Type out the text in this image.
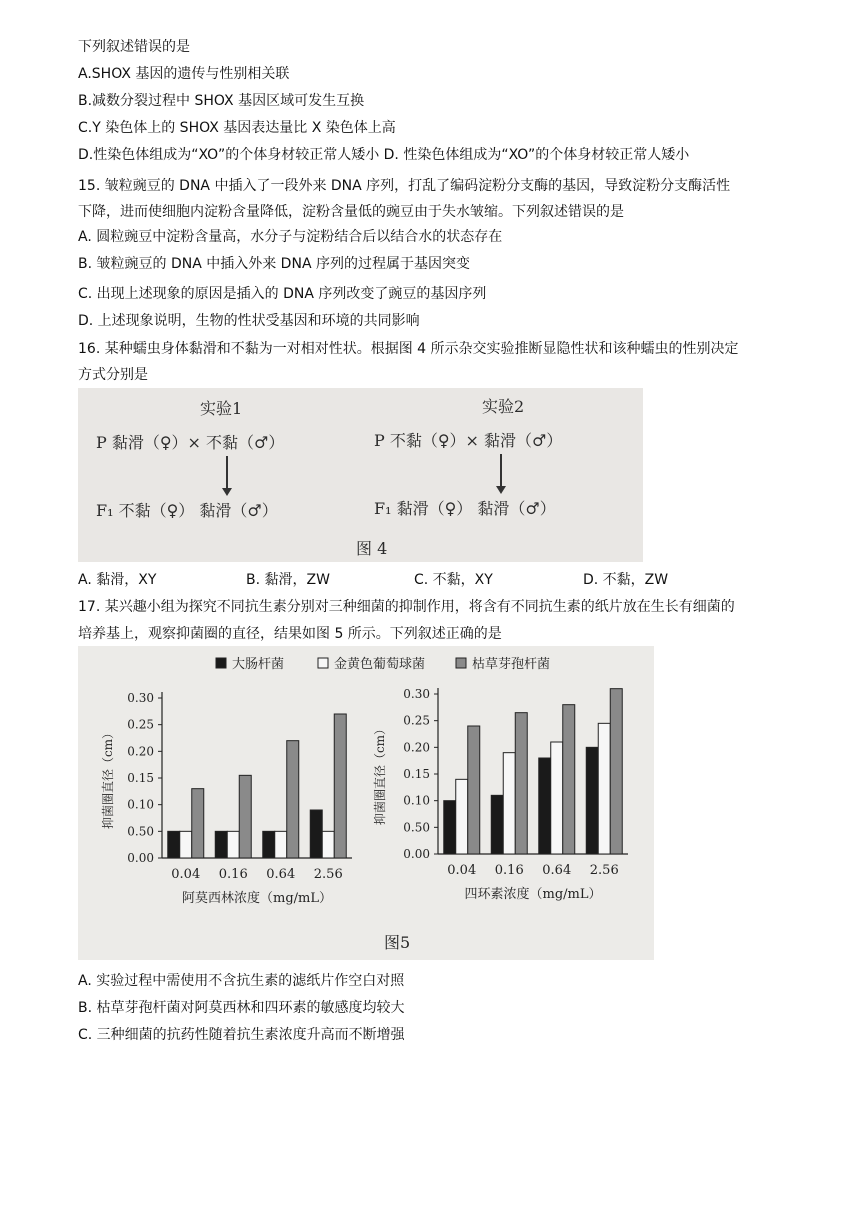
下列叙述错误的是
A.SHOX 基因的遗传与性别相关联
B.减数分裂过程中 SHOX 基因区域可发生互换
C.Y 染色体上的 SHOX 基因表达量比 X 染色体上高
D.性染色体组成为“XO”的个体身材较正常人矮小 D. 性染色体组成为“XO”的个体身材较正常人矮小
15. 皱粒豌豆的 DNA 中插入了一段外来 DNA 序列，打乱了编码淀粉分支酶的基因，导致淀粉分支酶活性
下降，进而使细胞内淀粉含量降低，淀粉含量低的豌豆由于失水皱缩。下列叙述错误的是
A. 圆粒豌豆中淀粉含量高，水分子与淀粉结合后以结合水的状态存在
B. 皱粒豌豆的 DNA 中插入外来 DNA 序列的过程属于基因突变
C. 出现上述现象的原因是插入的 DNA 序列改变了豌豆的基因序列
D. 上述现象说明，生物的性状受基因和环境的共同影响
16. 某种蠕虫身体黏滑和不黏为一对相对性状。根据图 4 所示杂交实验推断显隐性状和该种蠕虫的性别决定
方式分别是
实验1	实验2
P 黏滑（♀）× 不黏（♂）	P 不黏（♀）× 黏滑（♂）
F₁ 不黏（♀） 黏滑（♂）	F₁ 黏滑（♀） 黏滑（♂）
图 4
A. 黏滑，XY	B. 黏滑，ZW	C. 不黏，XY	D. 不黏，ZW
17. 某兴趣小组为探究不同抗生素分别对三种细菌的抑制作用，将含有不同抗生素的纸片放在生长有细菌的
培养基上，观察抑菌圈的直径，结果如图 5 所示。下列叙述正确的是
大肠杆菌	金黄色葡萄球菌	枯草芽孢杆菌
0.00
0.50
0.10
0.15
0.20
0.25
0.30
抑菌圈直径（cm）
0.04 0.16 0.64 2.56
阿莫西林浓度（mg/mL）
0.00
0.50
0.10
0.15
0.20
0.25
0.30
抑菌圈直径（cm）
0.04 0.16 0.64 2.56
四环素浓度（mg/mL）
图5
A. 实验过程中需使用不含抗生素的滤纸片作空白对照
B. 枯草芽孢杆菌对阿莫西林和四环素的敏感度均较大
C. 三种细菌的抗药性随着抗生素浓度升高而不断增强
